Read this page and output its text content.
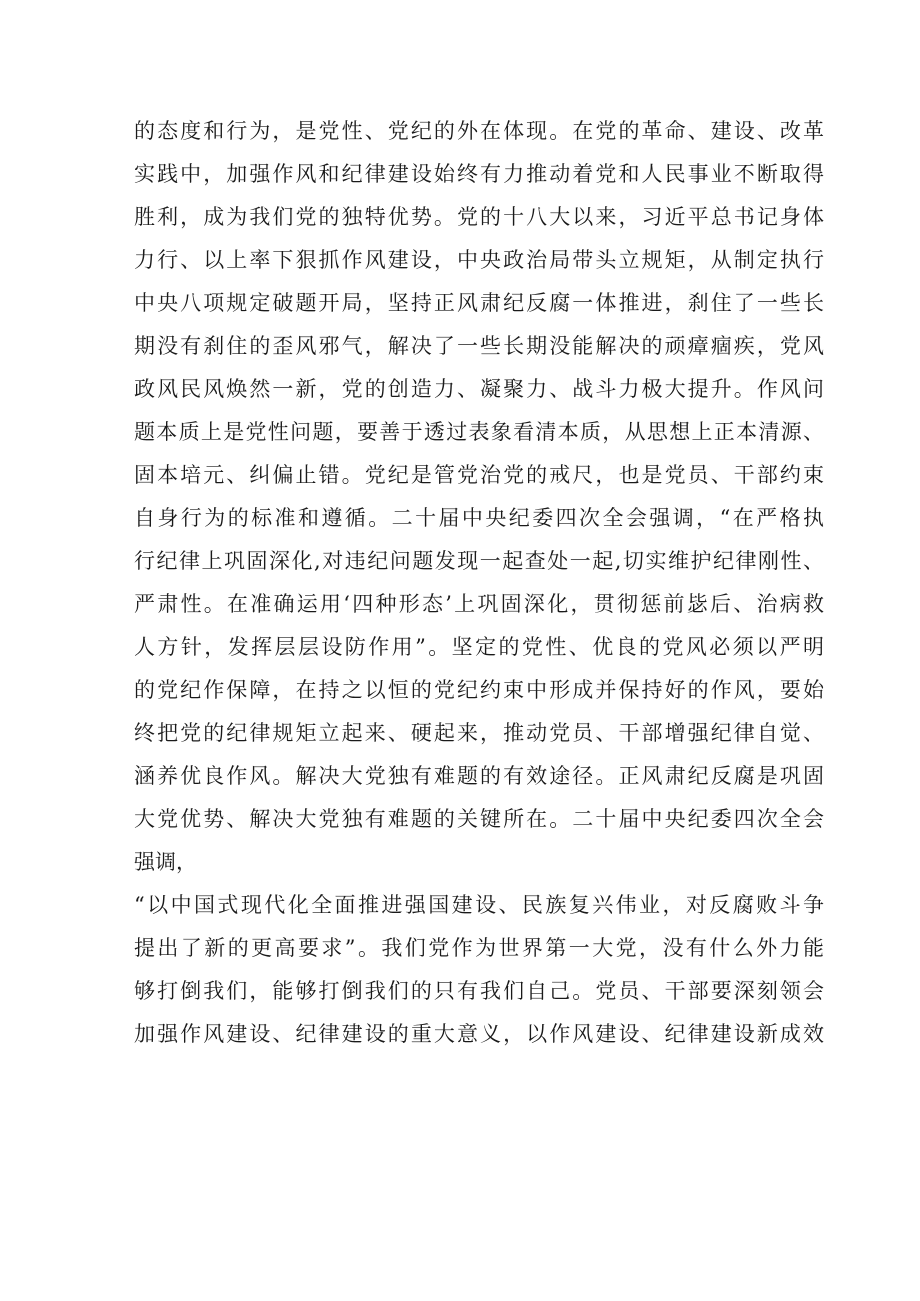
的态度和行为，是党性、党纪的外在体现。在党的革命、建设、改革
实践中，加强作风和纪律建设始终有力推动着党和人民事业不断取得
胜利，成为我们党的独特优势。党的十八大以来，习近平总书记身体
力行、以上率下狠抓作风建设，中央政治局带头立规矩，从制定执行
中央八项规定破题开局，坚持正风肃纪反腐一体推进，刹住了一些长
期没有刹住的歪风邪气，解决了一些长期没能解决的顽瘴痼疾，党风
政风民风焕然一新，党的创造力、凝聚力、战斗力极大提升。作风问
题本质上是党性问题，要善于透过表象看清本质，从思想上正本清源、
固本培元、纠偏止错。党纪是管党治党的戒尺，也是党员、干部约束
自身行为的标准和遵循。二十届中央纪委四次全会强调，“在严格执
行纪律上巩固深化,对违纪问题发现一起查处一起,切实维护纪律刚性、
严肃性。在准确运用‘四种形态’上巩固深化，贯彻惩前毖后、治病救
人方针，发挥层层设防作用”。坚定的党性、优良的党风必须以严明
的党纪作保障，在持之以恒的党纪约束中形成并保持好的作风，要始
终把党的纪律规矩立起来、硬起来，推动党员、干部增强纪律自觉、
涵养优良作风。解决大党独有难题的有效途径。正风肃纪反腐是巩固
大党优势、解决大党独有难题的关键所在。二十届中央纪委四次全会
强调，
“以中国式现代化全面推进强国建设、民族复兴伟业，对反腐败斗争
提出了新的更高要求”。我们党作为世界第一大党，没有什么外力能
够打倒我们，能够打倒我们的只有我们自己。党员、干部要深刻领会
加强作风建设、纪律建设的重大意义，以作风建设、纪律建设新成效
